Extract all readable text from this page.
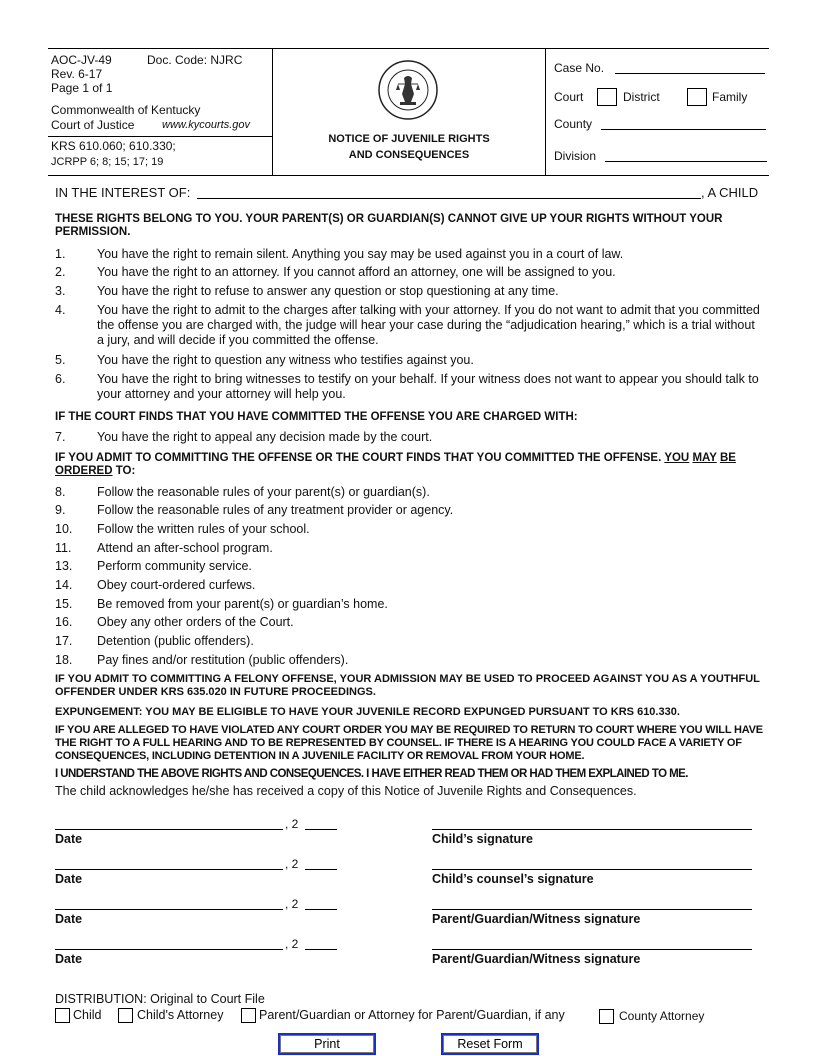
AOC-JV-49	Doc. Code: NJRC
Rev. 6-17
Page 1 of 1
Commonwealth of Kentucky
Court of Justice	www.kycourts.gov
KRS 610.060; 610.330;
JCRPP 6; 8; 15; 17; 19
NOTICE OF JUVENILE RIGHTS
AND CONSEQUENCES
Case No.
Court	District	Family
County
Division
IN THE INTEREST OF:	, A CHILD
THESE RIGHTS BELONG TO YOU. YOUR PARENT(S) OR GUARDIAN(S) CANNOT GIVE UP YOUR RIGHTS WITHOUT YOUR PERMISSION.
1.	You have the right to remain silent. Anything you say may be used against you in a court of law.
2.	You have the right to an attorney. If you cannot afford an attorney, one will be assigned to you.
3.	You have the right to refuse to answer any question or stop questioning at any time.
4.	You have the right to admit to the charges after talking with your attorney. If you do not want to admit that you committed the offense you are charged with, the judge will hear your case during the “adjudication hearing,” which is a trial without a jury, and will decide if you committed the offense.
5.	You have the right to question any witness who testifies against you.
6.	You have the right to bring witnesses to testify on your behalf. If your witness does not want to appear you should talk to your attorney and your attorney will help you.
IF THE COURT FINDS THAT YOU HAVE COMMITTED THE OFFENSE YOU ARE CHARGED WITH:
7.	You have the right to appeal any decision made by the court.
IF YOU ADMIT TO COMMITTING THE OFFENSE OR THE COURT FINDS THAT YOU COMMITTED THE OFFENSE. YOU MAY BE ORDERED TO:
8.	Follow the reasonable rules of your parent(s) or guardian(s).
9.	Follow the reasonable rules of any treatment provider or agency.
10. Follow the written rules of your school.
11. Attend an after-school program.
13. Perform community service.
14. Obey court-ordered curfews.
15. Be removed from your parent(s) or guardian’s home.
16. Obey any other orders of the Court.
17. Detention (public offenders).
18. Pay fines and/or restitution (public offenders).
IF YOU ADMIT TO COMMITTING A FELONY OFFENSE, YOUR ADMISSION MAY BE USED TO PROCEED AGAINST YOU AS A YOUTHFUL OFFENDER UNDER KRS 635.020 IN FUTURE PROCEEDINGS.
EXPUNGEMENT: YOU MAY BE ELIGIBLE TO HAVE YOUR JUVENILE RECORD EXPUNGED PURSUANT TO KRS 610.330.
IF YOU ARE ALLEGED TO HAVE VIOLATED ANY COURT ORDER YOU MAY BE REQUIRED TO RETURN TO COURT WHERE YOU WILL HAVE THE RIGHT TO A FULL HEARING AND TO BE REPRESENTED BY COUNSEL. IF THERE IS A HEARING YOU COULD FACE A VARIETY OF CONSEQUENCES, INCLUDING DETENTION IN A JUVENILE FACILITY OR REMOVAL FROM YOUR HOME.
I UNDERSTAND THE ABOVE RIGHTS AND CONSEQUENCES. I HAVE EITHER READ THEM OR HAD THEM EXPLAINED TO ME.
The child acknowledges he/she has received a copy of this Notice of Juvenile Rights and Consequences.
, 2
Date	Child’s signature
, 2
Date	Child’s counsel’s signature
, 2
Date	Parent/Guardian/Witness signature
, 2
Date	Parent/Guardian/Witness signature
DISTRIBUTION: Original to Court File
Child	Child's Attorney	Parent/Guardian or Attorney for Parent/Guardian, if any	County Attorney
Print	Reset Form
